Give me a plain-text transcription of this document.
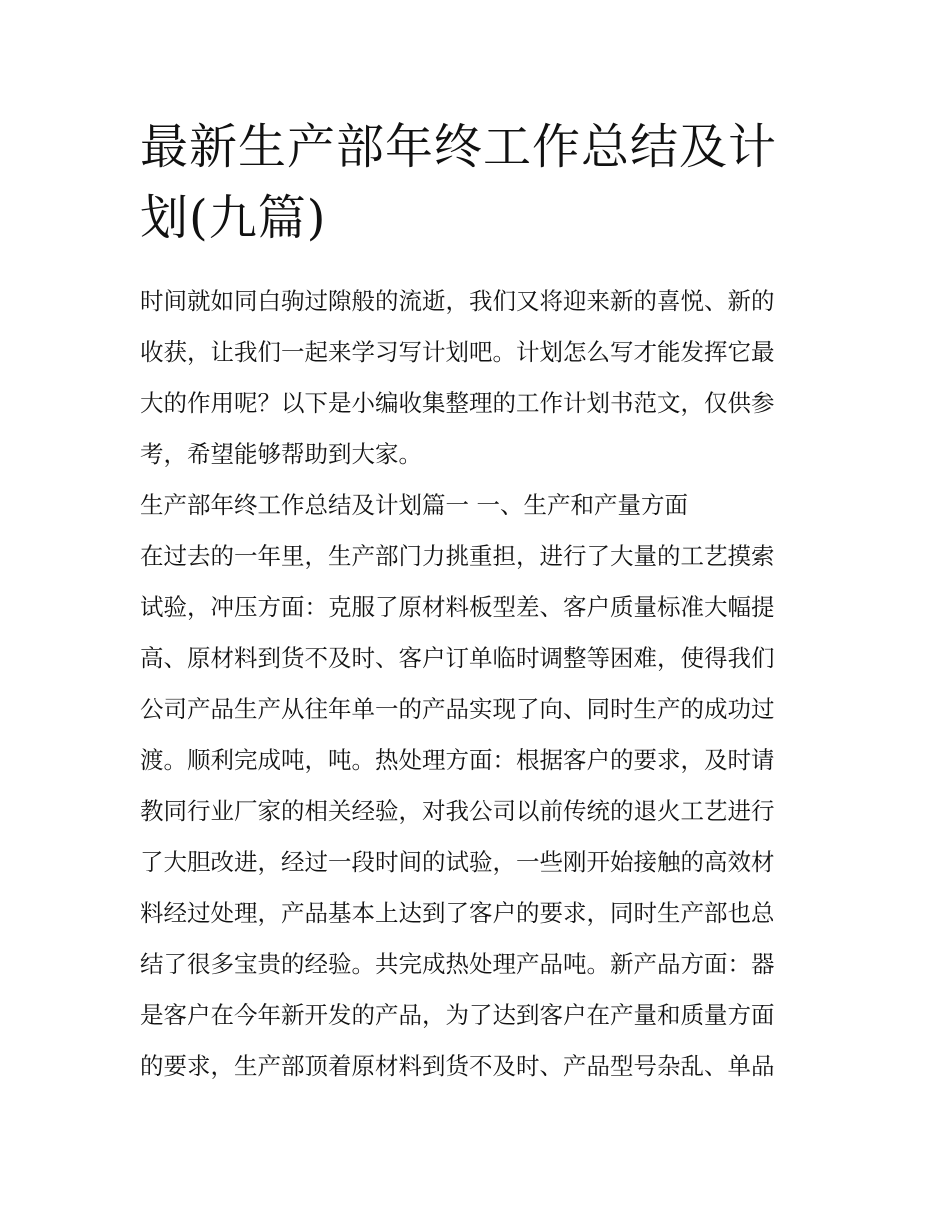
最新生产部年终工作总结及计
划(九篇)
时间就如同白驹过隙般的流逝，我们又将迎来新的喜悦、新的
收获，让我们一起来学习写计划吧。计划怎么写才能发挥它最
大的作用呢？以下是小编收集整理的工作计划书范文，仅供参
考，希望能够帮助到大家。
生产部年终工作总结及计划篇一 一、生产和产量方面
在过去的一年里，生产部门力挑重担，进行了大量的工艺摸索
试验，冲压方面：克服了原材料板型差、客户质量标准大幅提
高、原材料到货不及时、客户订单临时调整等困难，使得我们
公司产品生产从往年单一的产品实现了向、同时生产的成功过
渡。顺利完成吨，吨。热处理方面：根据客户的要求，及时请
教同行业厂家的相关经验，对我公司以前传统的退火工艺进行
了大胆改进，经过一段时间的试验，一些刚开始接触的高效材
料经过处理，产品基本上达到了客户的要求，同时生产部也总
结了很多宝贵的经验。共完成热处理产品吨。新产品方面：器
是客户在今年新开发的产品，为了达到客户在产量和质量方面
的要求，生产部顶着原材料到货不及时、产品型号杂乱、单品
